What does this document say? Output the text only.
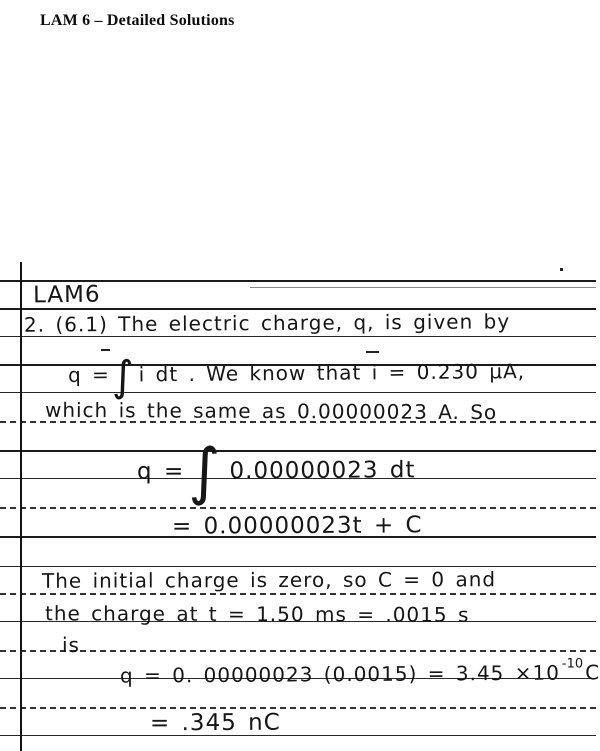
LAM 6 – Detailed Solutions
LAM6
2. (6.1) The electric charge, q, is given by
q =∫ i dt . We know that i = 0.230 μA,
which is the same as 0.00000023 A. So
q =∫ 0.00000023 dt
= 0.00000023t + C
The initial charge is zero, so C = 0 and
the charge at t = 1.50 ms = .0015 s
is
q = 0. 00000023 (0.0015) = 3.45 ×10 $^{-10}$C
= .345 nC
